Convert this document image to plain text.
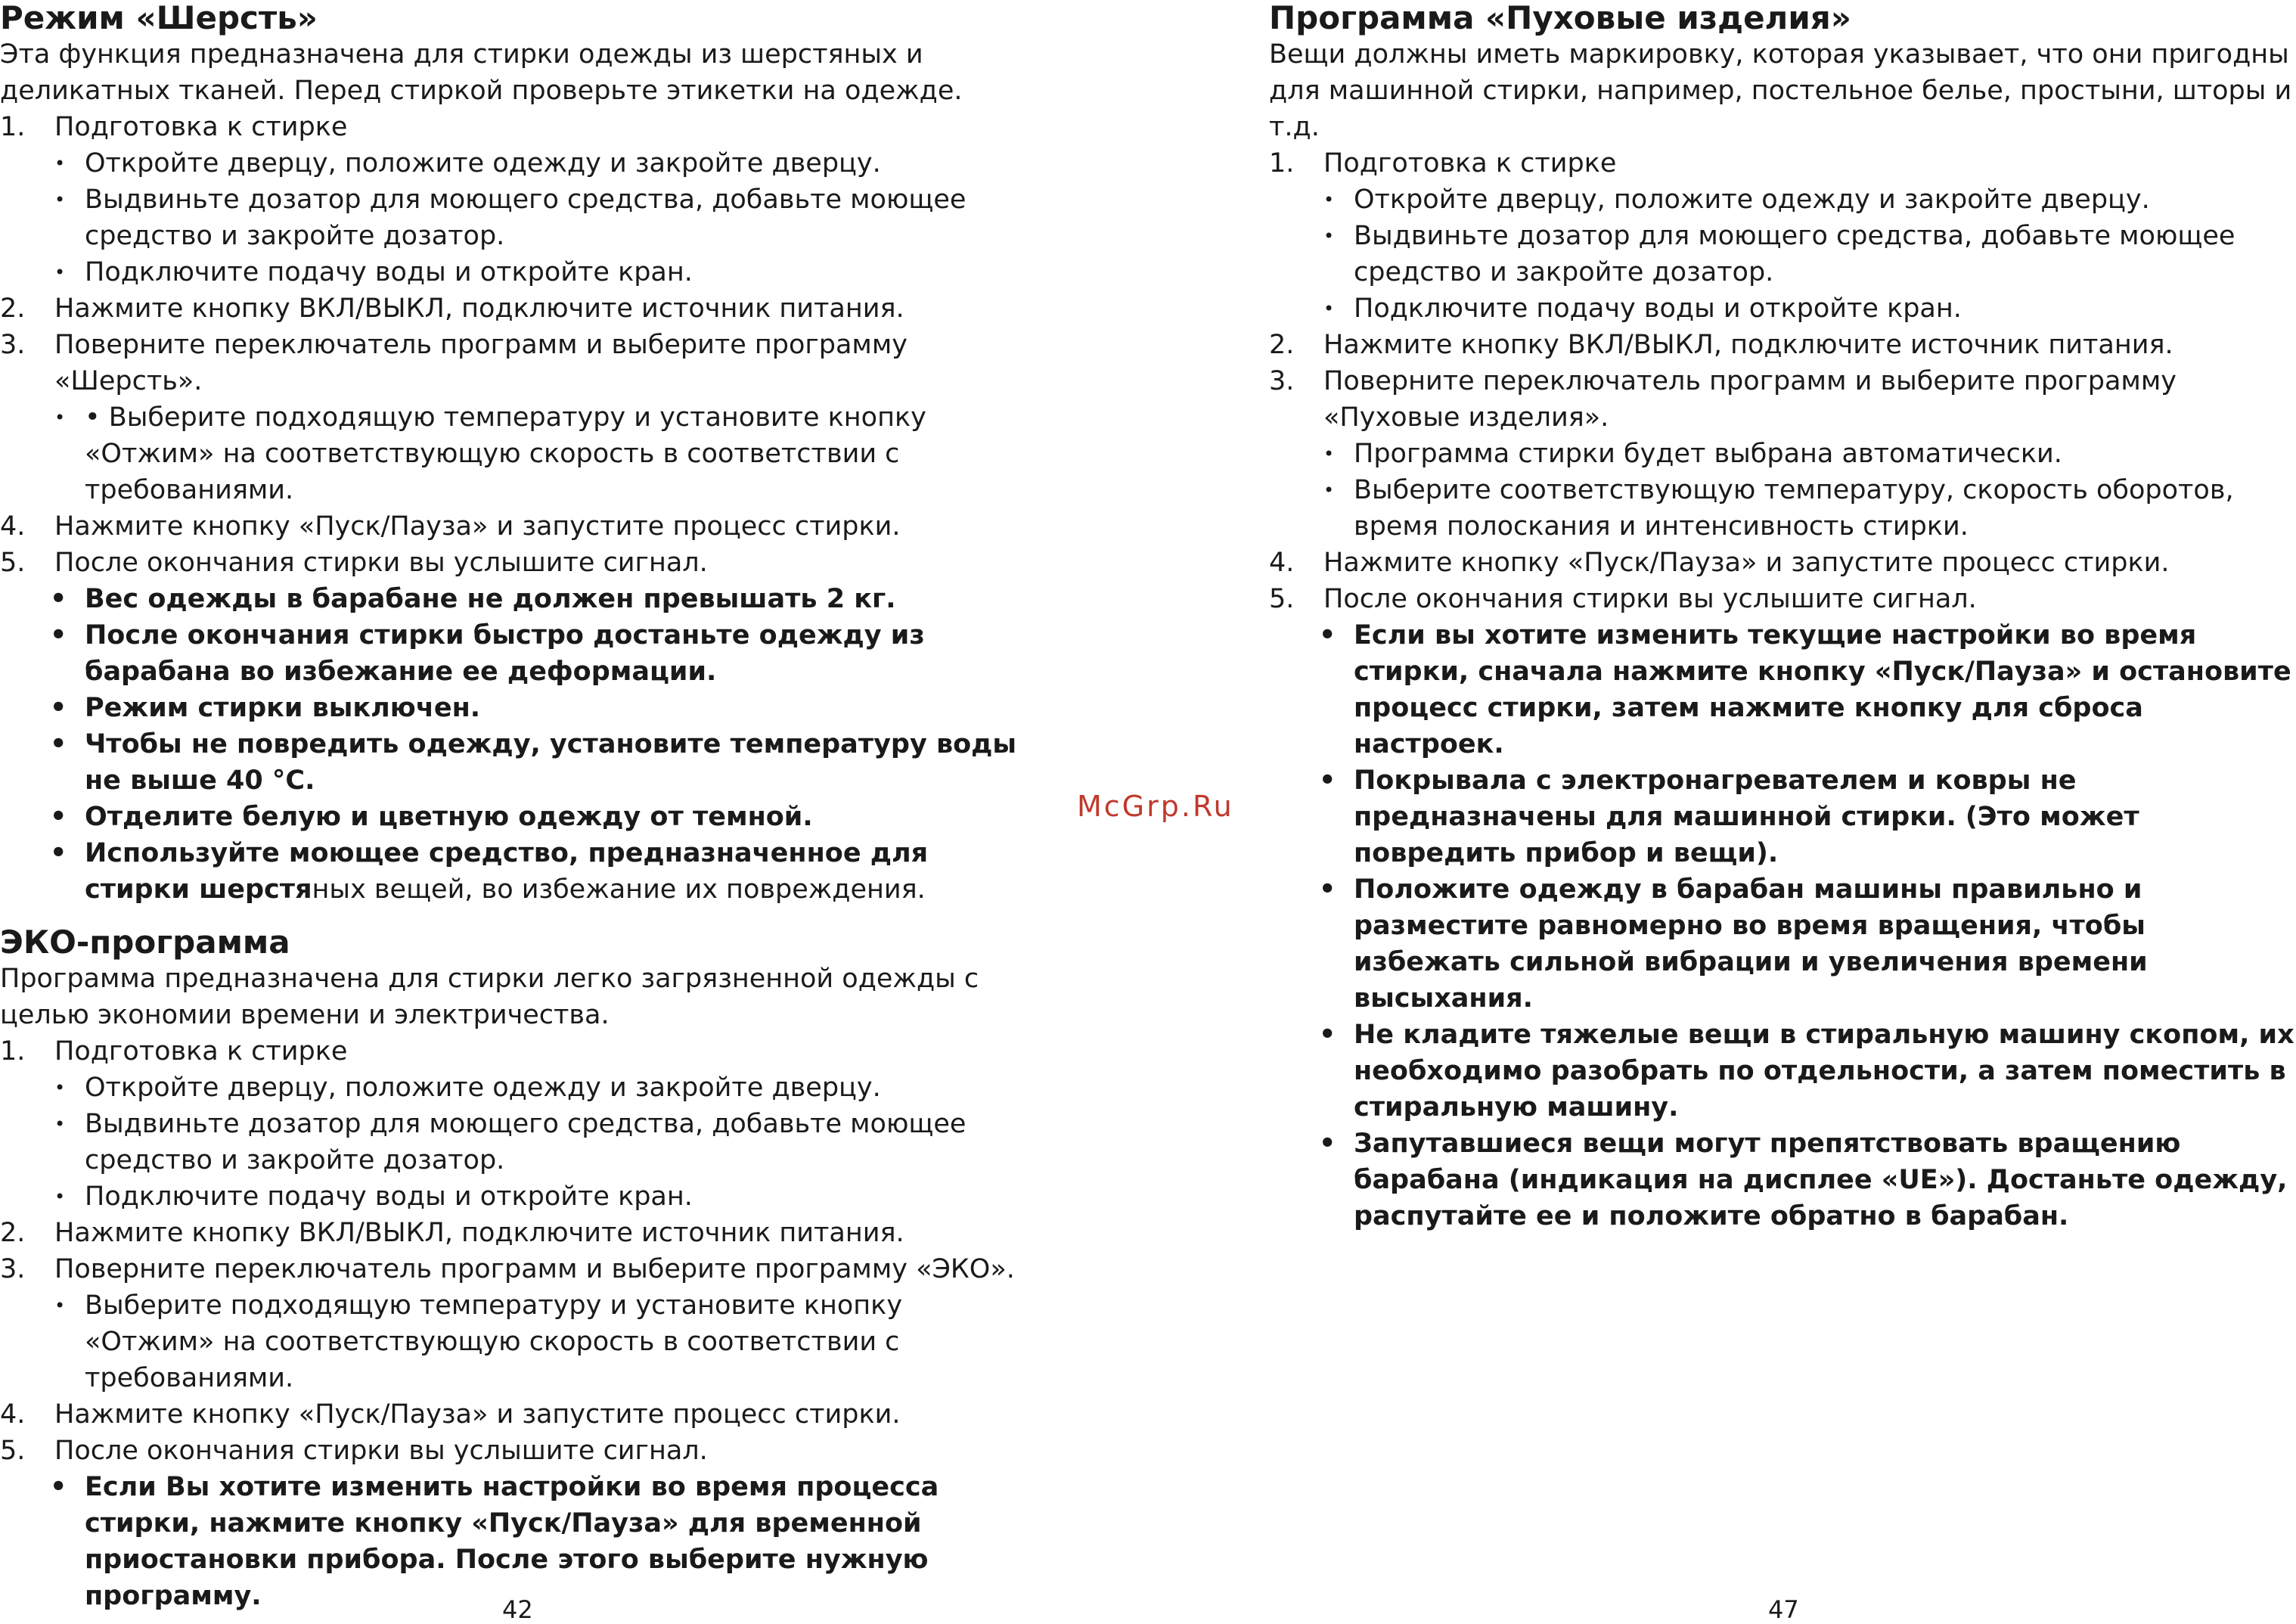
Режим «Шерсть»

Эта функция предназначена для стирки одежды из шерстяных и деликатных тканей. Перед стиркой проверьте этикетки на одежде.

1.	Подготовка к стирке
• Откройте дверцу, положите одежду и закройте дверцу.
• Выдвиньте дозатор для моющего средства, добавьте моющее средство и закройте дозатор.
• Подключите подачу воды и откройте кран.
2.	Нажмите кнопку ВКЛ/ВЫКЛ, подключите источник питания.
3.	Поверните переключатель программ и выберите программу «Шерсть».
• • Выберите подходящую температуру и установите кнопку «Отжим» на соответствующую скорость в соответствии с требованиями.
4.	Нажмите кнопку «Пуск/Пауза» и запустите процесс стирки.
5.	После окончания стирки вы услышите сигнал.
• Вес одежды в барабане не должен превышать 2 кг.
• После окончания стирки быстро достаньте одежду из барабана во избежание ее деформации.
• Режим стирки выключен.
• Чтобы не повредить одежду, установите температуру воды не выше 40 °C.
• Отделите белую и цветную одежду от темной.
• Используйте моющее средство, предназначенное для стирки шерстяных вещей, во избежание их повреждения.
ЭКО-программа

Программа предназначена для стирки легко загрязненной одежды с целью экономии времени и электричества.

1.	Подготовка к стирке
• Откройте дверцу, положите одежду и закройте дверцу.
• Выдвиньте дозатор для моющего средства, добавьте моющее средство и закройте дозатор.
• Подключите подачу воды и откройте кран.
2.	Нажмите кнопку ВКЛ/ВЫКЛ, подключите источник питания.
3.	Поверните переключатель программ и выберите программу «ЭКО».
• Выберите подходящую температуру и установите кнопку «Отжим» на соответствующую скорость в соответствии с требованиями.
4.	Нажмите кнопку «Пуск/Пауза» и запустите процесс стирки.
5.	После окончания стирки вы услышите сигнал.
• Если Вы хотите изменить настройки во время процесса стирки, нажмите кнопку «Пуск/Пауза» для временной приостановки прибора. После этого выберите нужную программу.
Программа «Пуховые изделия»

Вещи должны иметь маркировку, которая указывает, что они пригодны для машинной стирки, например, постельное белье, простыни, шторы и т.д.

1.	Подготовка к стирке
• Откройте дверцу, положите одежду и закройте дверцу.
• Выдвиньте дозатор для моющего средства, добавьте моющее средство и закройте дозатор.
• Подключите подачу воды и откройте кран.
2.	Нажмите кнопку ВКЛ/ВЫКЛ, подключите источник питания.
3.	Поверните переключатель программ и выберите программу «Пуховые изделия».
• Программа стирки будет выбрана автоматически.
• Выберите соответствующую температуру, скорость оборотов, время полоскания и интенсивность стирки.
4.	Нажмите кнопку «Пуск/Пауза» и запустите процесс стирки.
5.	После окончания стирки вы услышите сигнал.
• Если вы хотите изменить текущие настройки во время стирки, сначала нажмите кнопку «Пуск/Пауза» и остановите процесс стирки, затем нажмите кнопку для сброса настроек.
• Покрывала с электронагревателем и ковры не предназначены для машинной стирки. (Это может повредить прибор и вещи).
• Положите одежду в барабан машины правильно и разместите равномерно во время вращения, чтобы избежать сильной вибрации и увеличения времени высыхания.
• Не кладите тяжелые вещи в стиральную машину скопом, их необходимо разобрать по отдельности, а затем поместить в стиральную машину.
• Запутавшиеся вещи могут препятствовать вращению барабана (индикация на дисплее «UE»). Достаньте одежду, распутайте ее и положите обратно в барабан.
McGrp.Ru
42	47
